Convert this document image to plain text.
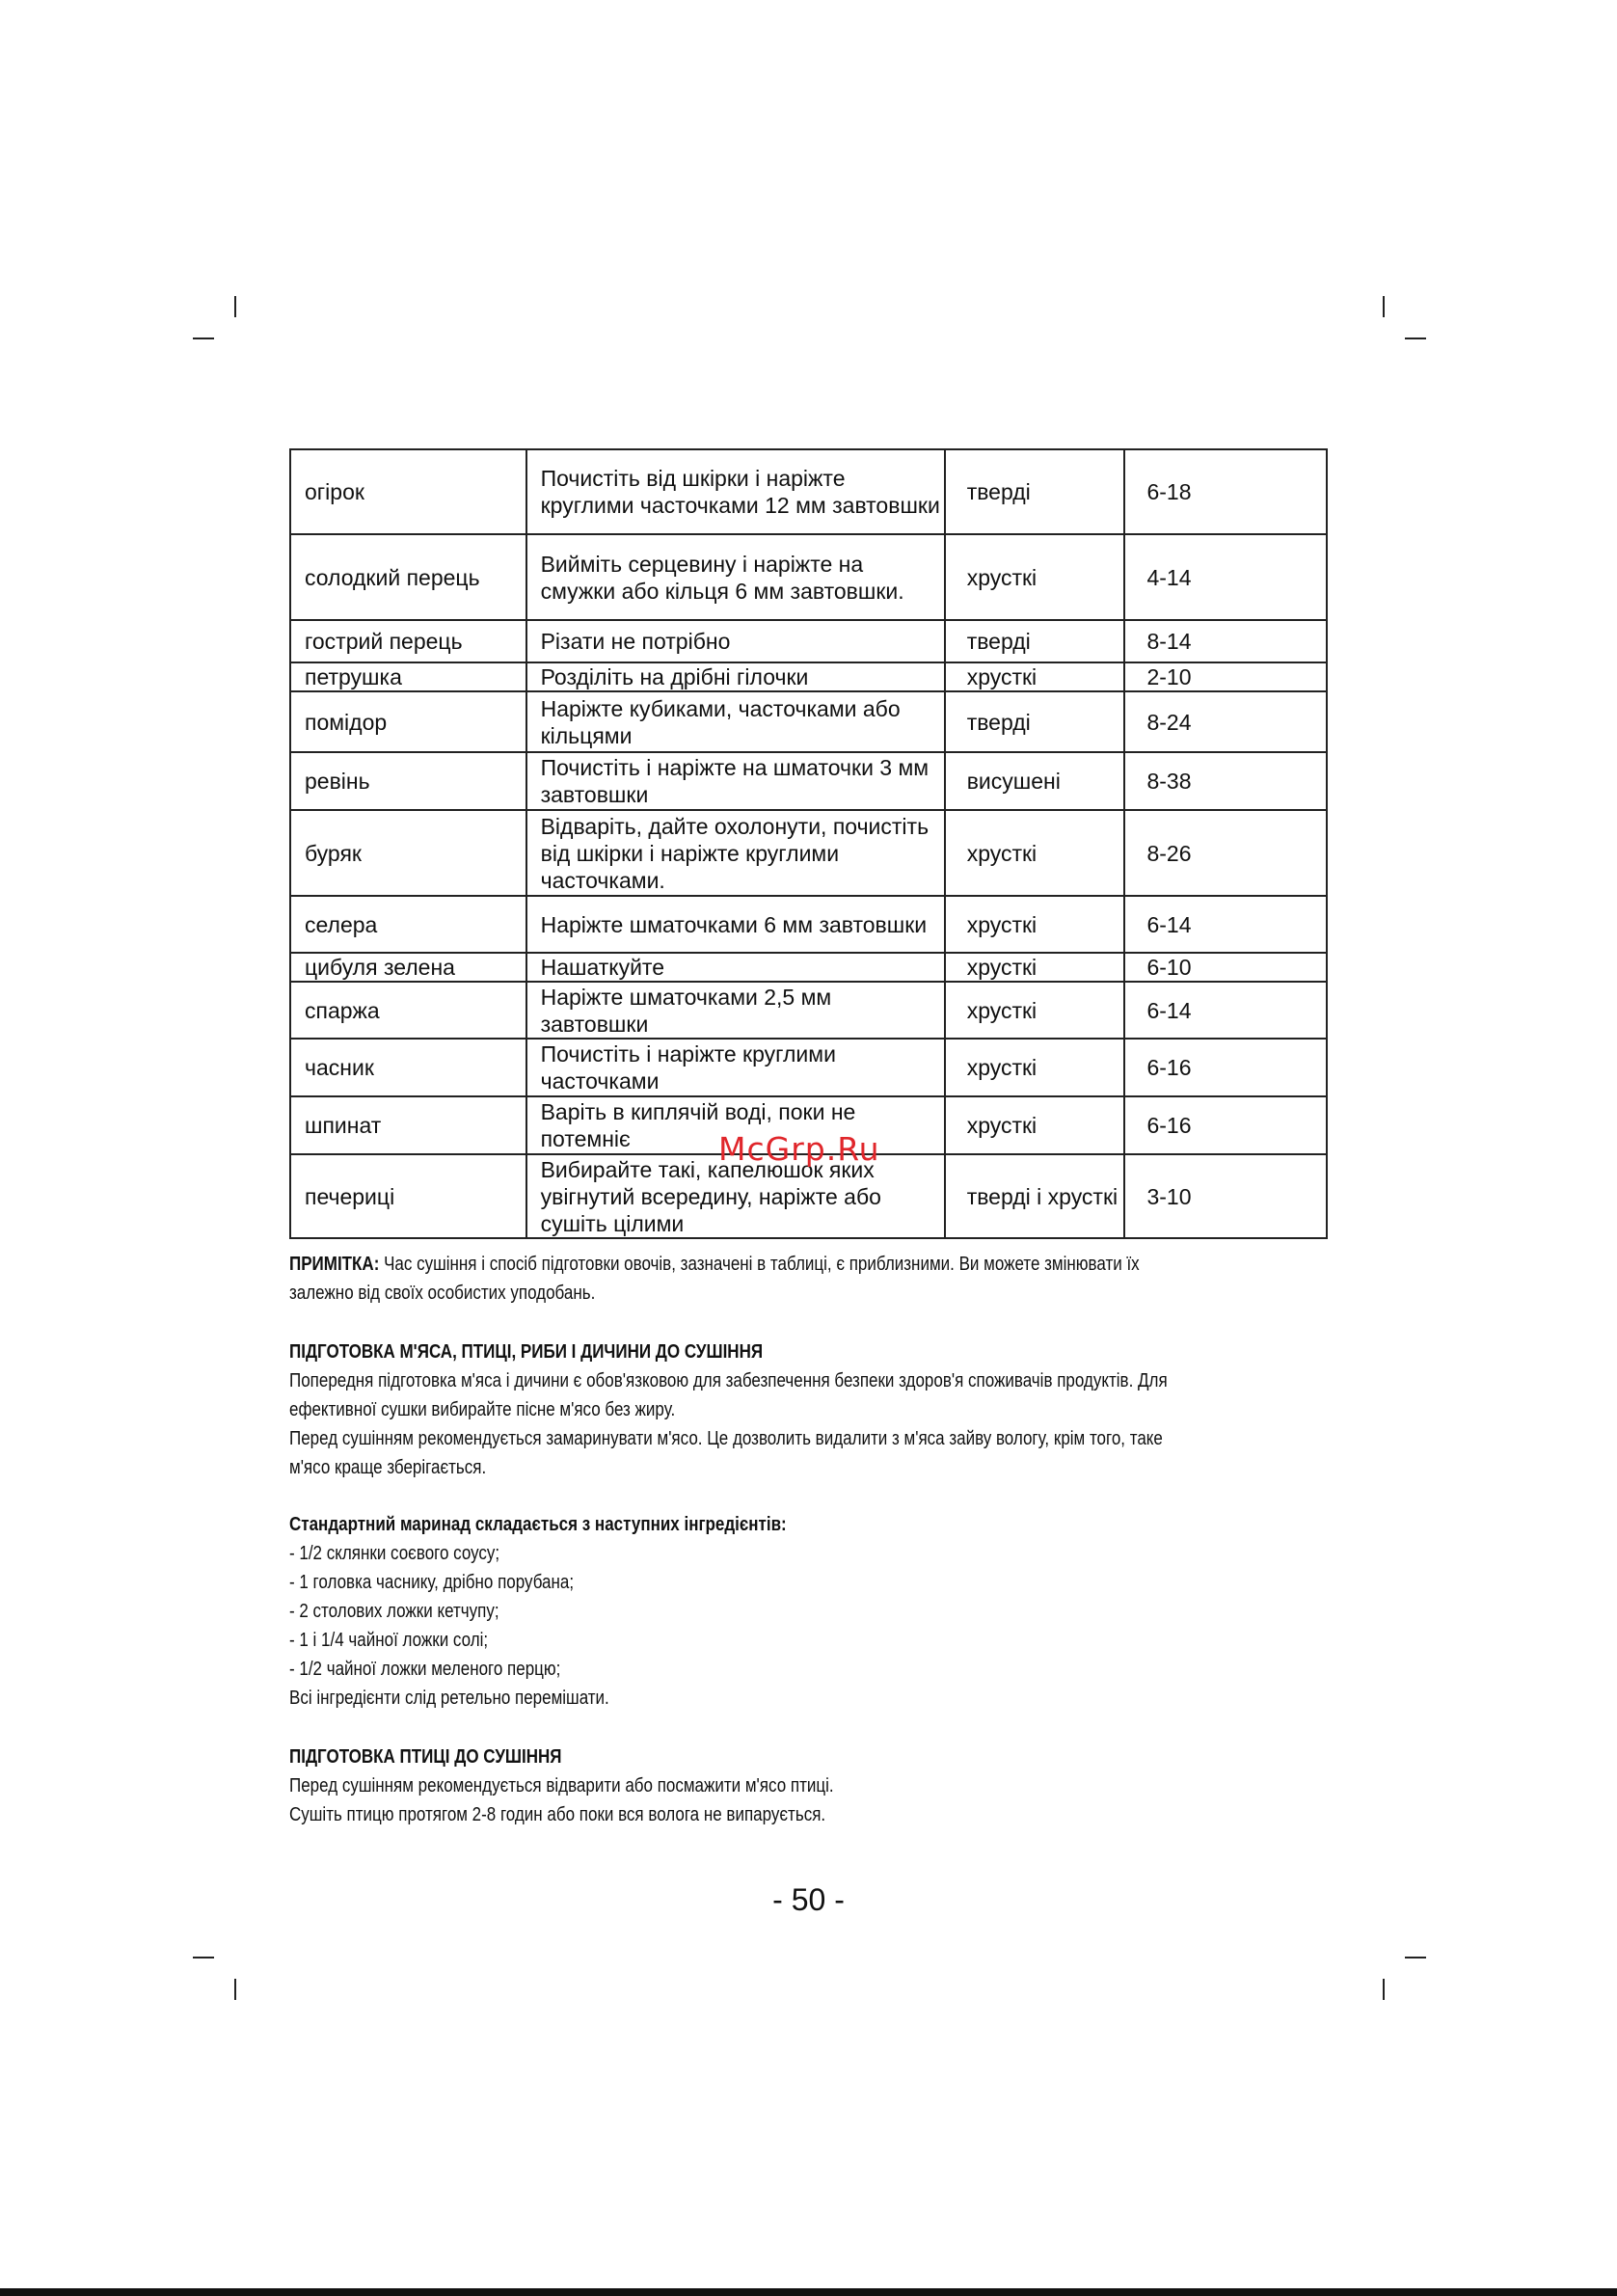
огірок	Почистіть від шкірки і наріжте круглими часточками 12 мм завтовшки	тверді	6-18
солодкий перець	Вийміть серцевину і наріжте на смужки або кільця 6 мм завтовшки.	хрусткі	4-14
гострий перець	Різати не потрібно	тверді	8-14
петрушка	Розділіть на дрібні гілочки	хрусткі	2-10
помідор	Наріжте кубиками, часточками або кільцями	тверді	8-24
ревінь	Почистіть і наріжте на шматочки 3 мм завтовшки	висушені	8-38
буряк	Відваріть, дайте охолонути, почистіть від шкірки і наріжте круглими часточками.	хрусткі	8-26
селера	Наріжте шматочками 6 мм завтовшки	хрусткі	6-14
цибуля зелена	Нашаткуйте	хрусткі	6-10
спаржа	Наріжте шматочками 2,5 мм завтовшки	хрусткі	6-14
часник	Почистіть і наріжте круглими часточками	хрусткі	6-16
шпинат	Варіть в киплячій воді, поки не потемніє	хрусткі	6-16
печериці	Вибирайте такі, капелюшок яких увігнутий всередину, наріжте або сушіть цілими	тверді і хрусткі	3-10
McGrp.Ru
ПРИМІТКА: Час сушіння і спосіб підготовки овочів, зазначені в таблиці, є приблизними. Ви можете змінювати їх залежно від своїх особистих уподобань.
ПІДГОТОВКА М'ЯСА, ПТИЦІ, РИБИ І ДИЧИНИ ДО СУШІННЯ
Попередня підготовка м'яса і дичини є обов'язковою для забезпечення безпеки здоров'я споживачів продуктів. Для ефективної сушки вибирайте пісне м'ясо без жиру.
Перед сушінням рекомендується замаринувати м'ясо. Це дозволить видалити з м'яса зайву вологу, крім того, таке м'ясо краще зберігається.
Стандартний маринад складається з наступних інгредієнтів:
- 1/2 склянки соєвого соусу;
- 1 головка часнику, дрібно порубана;
- 2 столових ложки кетчупу;
- 1 і 1/4 чайної ложки солі;
- 1/2 чайної ложки меленого перцю;
Всі інгредієнти слід ретельно перемішати.
ПІДГОТОВКА ПТИЦІ ДО СУШІННЯ
Перед сушінням рекомендується відварити або посмажити м'ясо птиці.
Сушіть птицю протягом 2-8 годин або поки вся волога не випарується.
- 50 -
